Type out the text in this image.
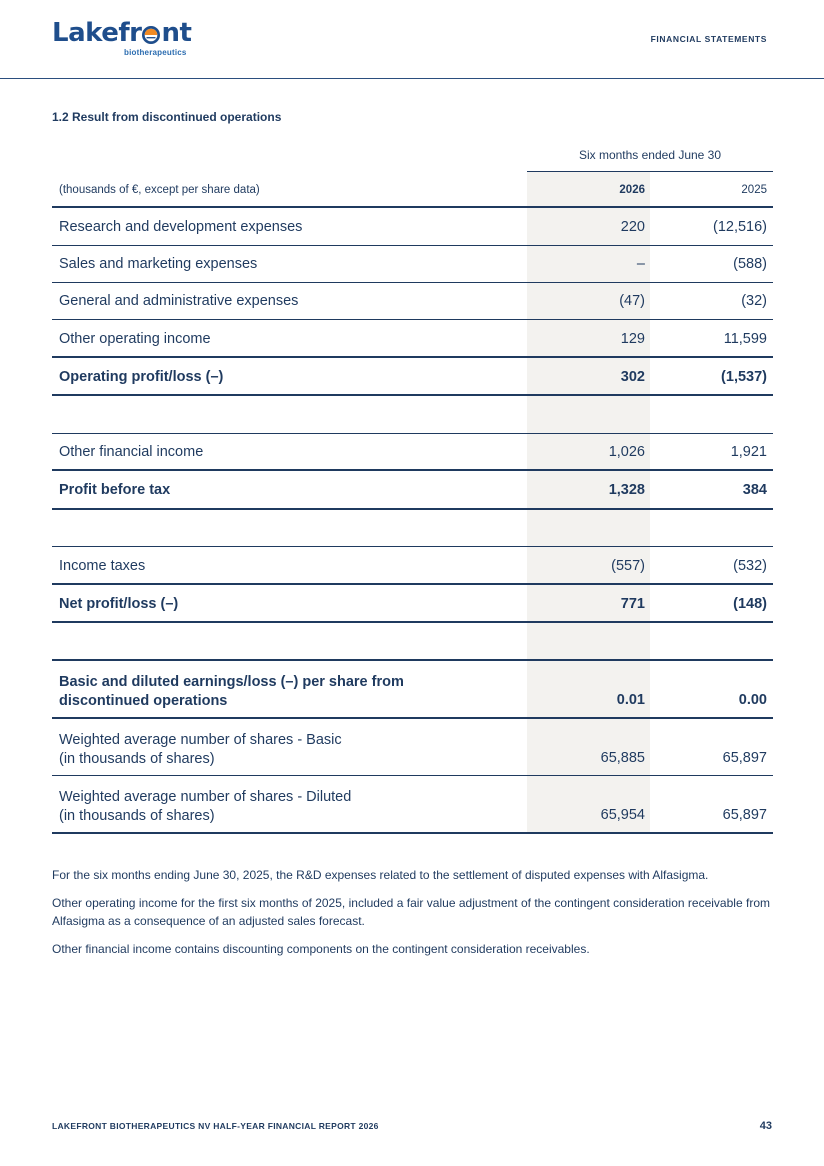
Lakefr nt
biotherapeutics
FINANCIAL STATEMENTS
1.2 Result from discontinued operations
Six months ended June 30
(thousands of €, except per share data)	2026	2025
Research and development expenses	220	(12,516)
Sales and marketing expenses	–	(588)
General and administrative expenses	(47)	(32)
Other operating income	129	11,599
Operating profit/loss (–)	302	(1,537)
Other financial income	1,026	1,921
Profit before tax	1,328	384
Income taxes	(557)	(532)
Net profit/loss (–)	771	(148)
Basic and diluted earnings/loss (–) per share from
discontinued operations	0.01	0.00
Weighted average number of shares - Basic
(in thousands of shares)	65,885	65,897
Weighted average number of shares - Diluted
(in thousands of shares)	65,954	65,897

For the six months ending June 30, 2025, the R&D expenses related to the settlement of disputed expenses with Alfasigma.

Other operating income for the first six months of 2025, included a fair value adjustment of the contingent consideration receivable from Alfasigma as a consequence of an adjusted sales forecast.

Other financial income contains discounting components on the contingent consideration receivables.

LAKEFRONT BIOTHERAPEUTICS NV HALF-YEAR FINANCIAL REPORT 2026	43
